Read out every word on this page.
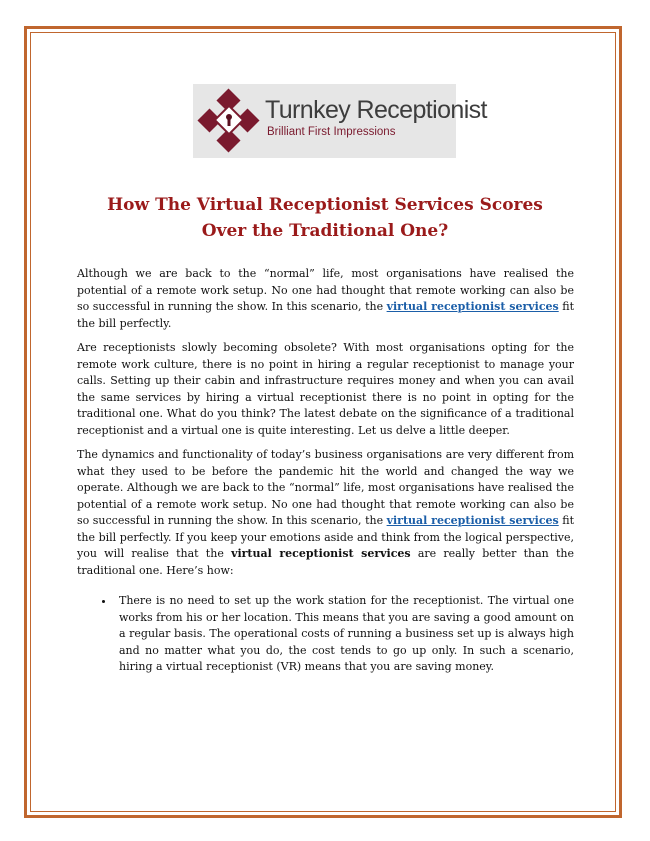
Turnkey Receptionist
Brilliant First Impressions
How The Virtual Receptionist Services Scores
Over the Traditional One?

Although we are back to the “normal” life, most organisations have realised the potential of a remote work setup. No one had thought that remote working can also be so successful in running the show. In this scenario, the virtual receptionist services fit the bill perfectly.

Are receptionists slowly becoming obsolete? With most organisations opting for the remote work culture, there is no point in hiring a regular receptionist to manage your calls. Setting up their cabin and infrastructure requires money and when you can avail the same services by hiring a virtual receptionist there is no point in opting for the traditional one. What do you think? The latest debate on the significance of a traditional receptionist and a virtual one is quite interesting. Let us delve a little deeper.

The dynamics and functionality of today’s business organisations are very different from what they used to be before the pandemic hit the world and changed the way we operate. Although we are back to the “normal” life, most organisations have realised the potential of a remote work setup. No one had thought that remote working can also be so successful in running the show. In this scenario, the virtual receptionist services fit the bill perfectly. If you keep your emotions aside and think from the logical perspective, you will realise that the virtual receptionist services are really better than the traditional one. Here’s how:

• There is no need to set up the work station for the receptionist. The virtual one works from his or her location. This means that you are saving a good amount on a regular basis. The operational costs of running a business set up is always high and no matter what you do, the cost tends to go up only. In such a scenario, hiring a virtual receptionist (VR) means that you are saving money.
